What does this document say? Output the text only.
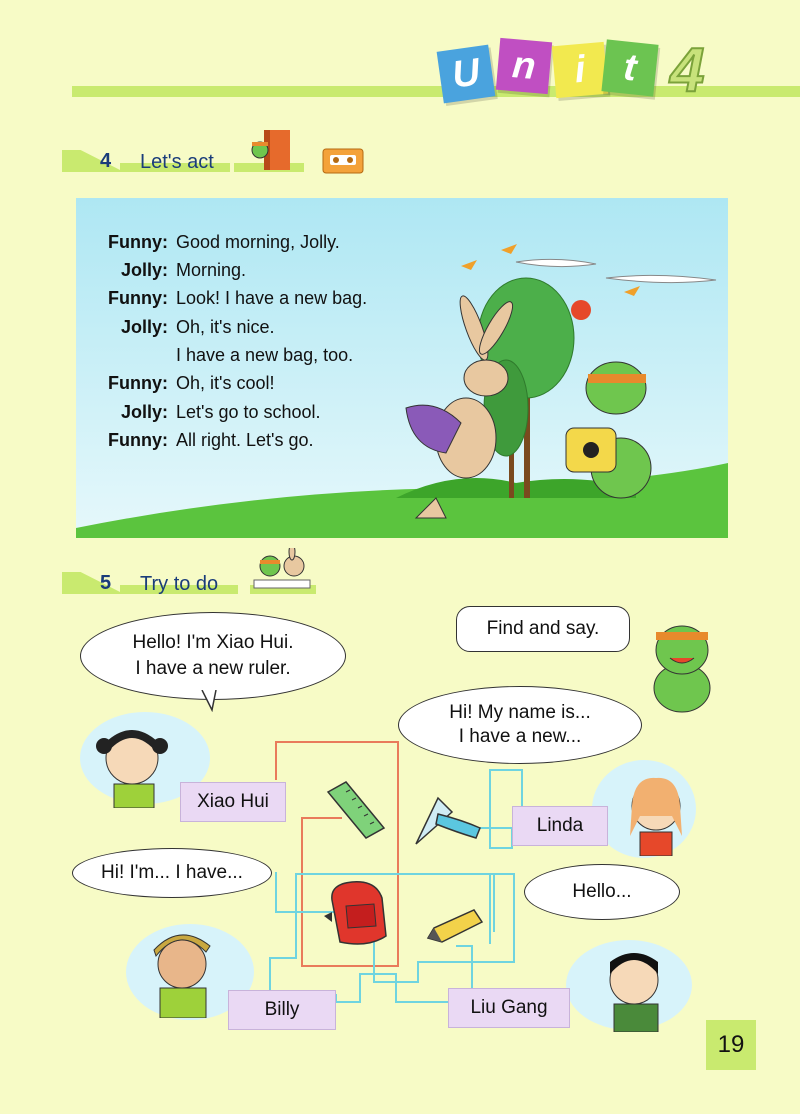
U n i t 4
4 Let's act
Funny: Good morning, Jolly.
Jolly: Morning.
Funny: Look! I have a new bag.
Jolly: Oh, it's nice.
I have a new bag, too.
Funny: Oh, it's cool!
Jolly: Let's go to school.
Funny: All right. Let's go.
5 Try to do
Hello! I'm Xiao Hui.
I have a new ruler.
Find and say.
Hi! My name is...
I have a new...
Hi! I'm... I have...
Hello...
Xiao Hui
Linda
Billy	Liu Gang
19
